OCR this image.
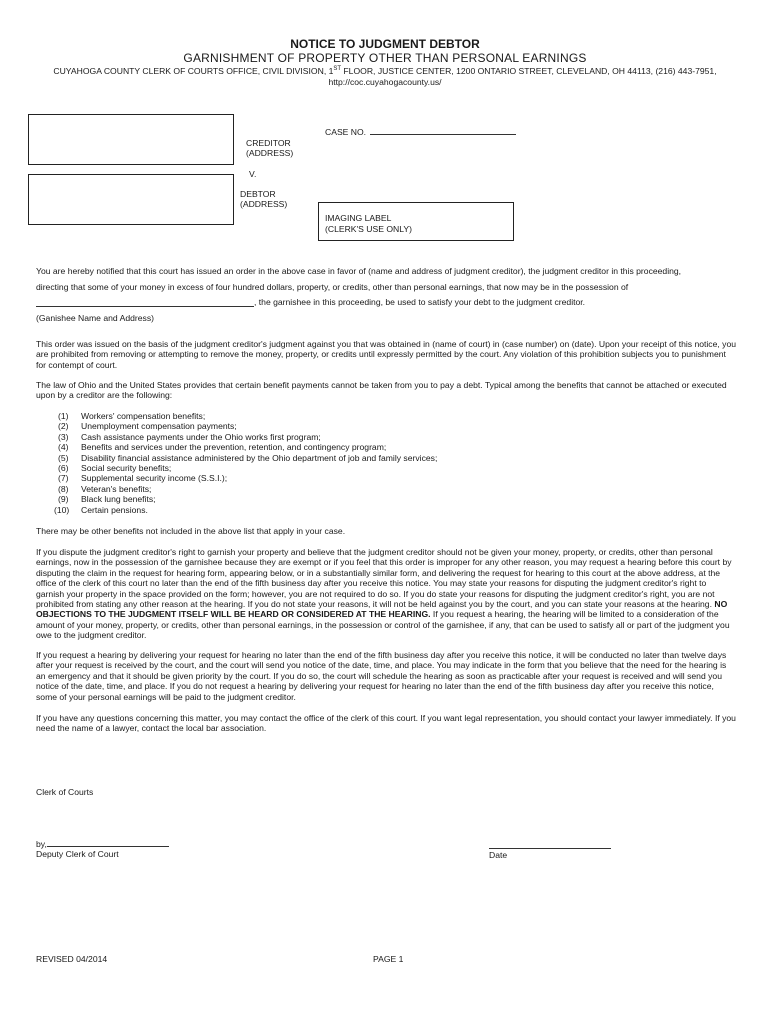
NOTICE TO JUDGMENT DEBTOR
GARNISHMENT OF PROPERTY OTHER THAN PERSONAL EARNINGS
CUYAHOGA COUNTY CLERK OF COURTS OFFICE, CIVIL DIVISION, 1ST FLOOR, JUSTICE CENTER, 1200 ONTARIO STREET, CLEVELAND, OH 44113, (216) 443-7951,
http://coc.cuyahogacounty.us/
CASE NO.
CREDITOR
(ADDRESS)
V.
DEBTOR
(ADDRESS)
IMAGING LABEL
(CLERK'S USE ONLY)
You are hereby notified that this court has issued an order in the above case in favor of (name and address of judgment creditor), the judgment creditor in this proceeding,
directing that some of your money in excess of four hundred dollars, property, or credits, other than personal earnings, that now may be in the possession of
, the garnishee in this proceeding, be used to satisfy your debt to the judgment creditor.
(Ganishee Name and Address)

This order was issued on the basis of the judgment creditor's judgment against you that was obtained in (name of court) in (case number) on (date). Upon your receipt of this notice, you are prohibited from removing or attempting to remove the money, property, or credits until expressly permitted by the court. Any violation of this prohibition subjects you to punishment for contempt of court.

The law of Ohio and the United States provides that certain benefit payments cannot be taken from you to pay a debt. Typical among the benefits that cannot be attached or executed upon by a creditor are the following:

(1)	Workers' compensation benefits;
(2)	Unemployment compensation payments;
(3)	Cash assistance payments under the Ohio works first program;
(4)	Benefits and services under the prevention, retention, and contingency program;
(5)	Disability financial assistance administered by the Ohio department of job and family services;
(6)	Social security benefits;
(7)	Supplemental security income (S.S.I.);
(8)	Veteran's benefits;
(9)	Black lung benefits;
(10)	Certain pensions.
There may be other benefits not included in the above list that apply in your case.

If you dispute the judgment creditor's right to garnish your property and believe that the judgment creditor should not be given your money, property, or credits, other than personal earnings, now in the possession of the garnishee because they are exempt or if you feel that this order is improper for any other reason, you may request a hearing before this court by disputing the claim in the request for hearing form, appearing below, or in a substantially similar form, and delivering the request for hearing to this court at the above address, at the office of the clerk of this court no later than the end of the fifth business day after you receive this notice. You may state your reasons for disputing the judgment creditor's right to garnish your property in the space provided on the form; however, you are not required to do so. If you do state your reasons for disputing the judgment creditor's right, you are not prohibited from stating any other reason at the hearing. If you do not state your reasons, it will not be held against you by the court, and you can state your reasons at the hearing. NO OBJECTIONS TO THE JUDGMENT ITSELF WILL BE HEARD OR CONSIDERED AT THE HEARING. If you request a hearing, the hearing will be limited to a consideration of the amount of your money, property, or credits, other than personal earnings, in the possession or control of the garnishee, if any, that can be used to satisfy all or part of the judgment you owe to the judgment creditor.

If you request a hearing by delivering your request for hearing no later than the end of the fifth business day after you receive this notice, it will be conducted no later than twelve days after your request is received by the court, and the court will send you notice of the date, time, and place. You may indicate in the form that you believe that the need for the hearing is an emergency and that it should be given priority by the court. If you do so, the court will schedule the hearing as soon as practicable after your request is received and will send you notice of the date, time, and place. If you do not request a hearing by delivering your request for hearing no later than the end of the fifth business day after you receive this notice, some of your personal earnings will be paid to the judgment creditor.

If you have any questions concerning this matter, you may contact the office of the clerk of this court. If you want legal representation, you should contact your lawyer immediately. If you need the name of a lawyer, contact the local bar association.

Clerk of Courts
by,
Deputy Clerk of Court	Date
REVISED 04/2014	PAGE 1
